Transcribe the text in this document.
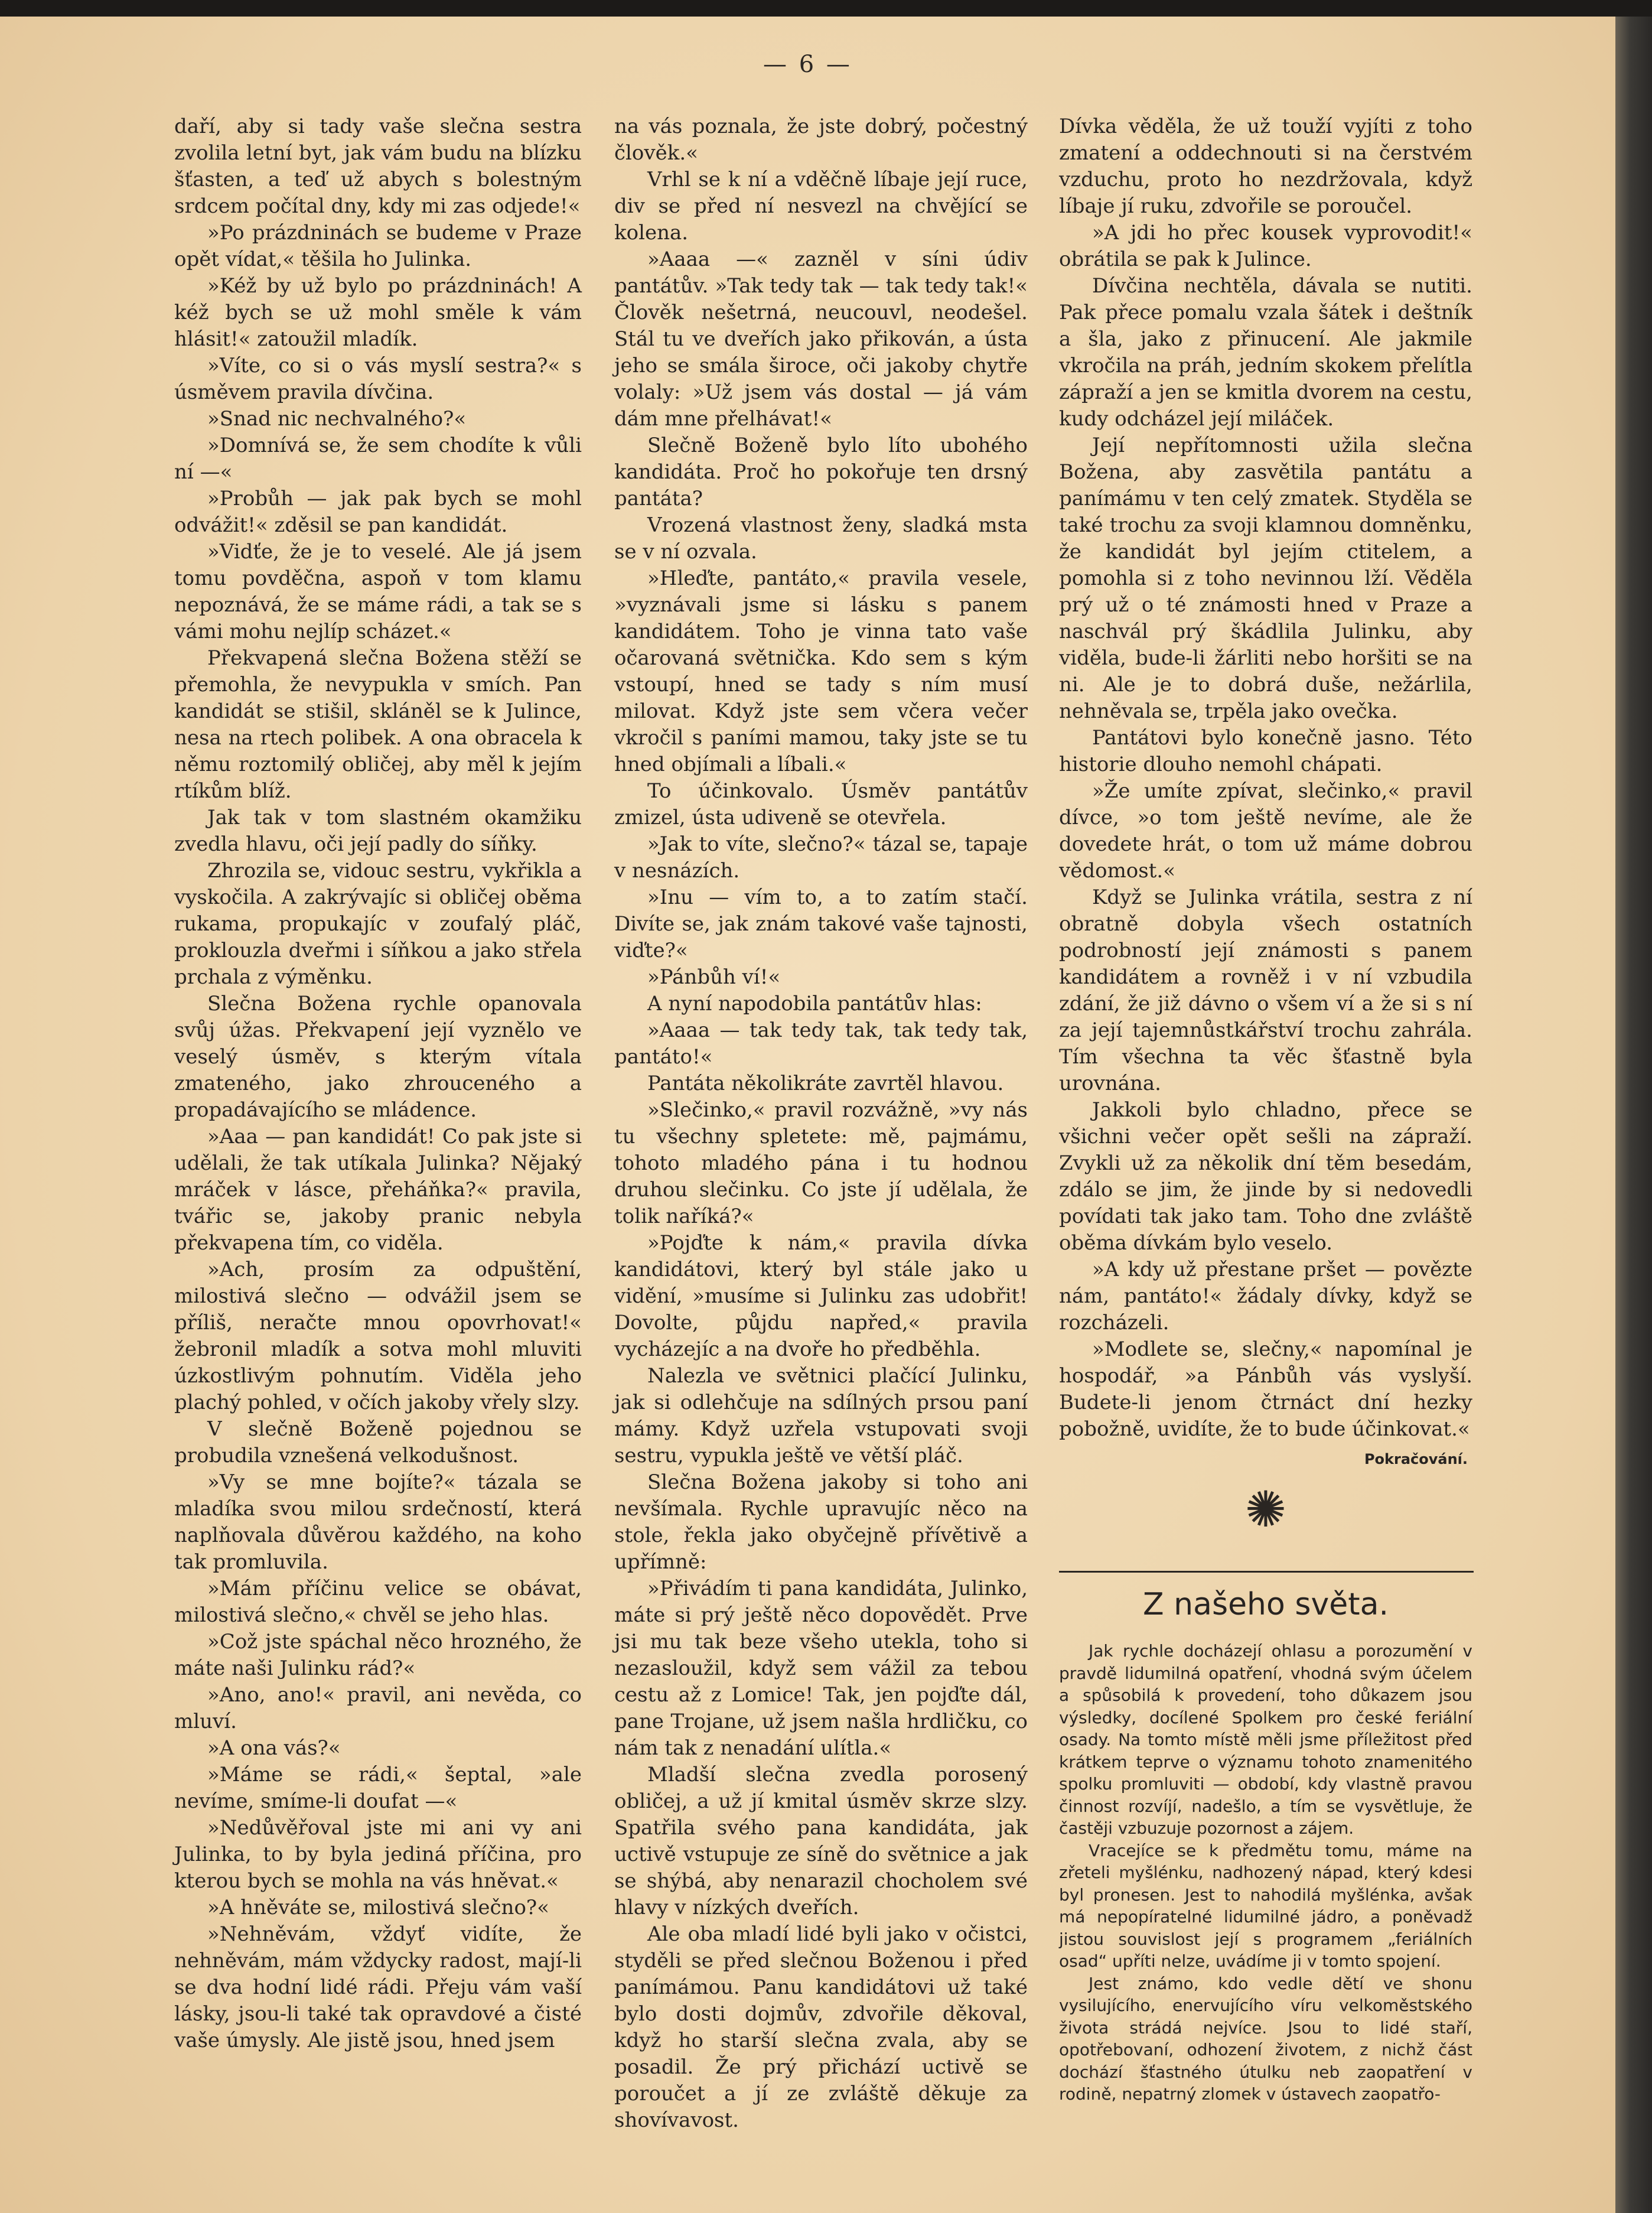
— 6 —

daří, aby si tady vaše slečna sestra zvolila letní byt, jak vám budu na blízku šťasten, a teď už abych s bolestným srdcem počítal dny, kdy mi zas odjede!«

»Po prázdninách se budeme v Praze opět vídat,« těšila ho Julinka.

»Kéž by už bylo po prázdninách! A kéž bych se už mohl směle k vám hlásit!« zatoužil mladík.

»Víte, co si o vás myslí sestra?« s úsměvem pravila dívčina.

»Snad nic nechvalného?«

»Domnívá se, že sem chodíte k vůli ní —«

»Probůh — jak pak bych se mohl odvážit!« zděsil se pan kandidát.

»Vidťe, že je to veselé. Ale já jsem tomu povděčna, aspoň v tom klamu nepoznává, že se máme rádi, a tak se s vámi mohu nejlíp scházet.«

Překvapená slečna Božena stěží se přemohla, že nevypukla v smích. Pan kandidát se stišil, skláněl se k Julince, nesa na rtech polibek. A ona obracela k němu roztomilý obličej, aby měl k jejím rtíkům blíž.

Jak tak v tom slastném okamžiku zvedla hlavu, oči její padly do síňky.

Zhrozila se, vidouc sestru, vykřikla a vyskočila. A zakrývajíc si obličej oběma rukama, propukajíc v zoufalý pláč, proklouzla dveřmi i síňkou a jako střela prchala z výměnku.

Slečna Božena rychle opanovala svůj úžas. Překvapení její vyznělo ve veselý úsměv, s kterým vítala zmateného, jako zhrouceného a propadávajícího se mládence.

»Aaa — pan kandidát! Co pak jste si udělali, že tak utíkala Julinka? Nějaký mráček v lásce, přeháňka?« pravila, tvářic se, jakoby pranic nebyla překvapena tím, co viděla.

»Ach, prosím za odpuštění, milostivá slečno — odvážil jsem se příliš, neračte mnou opovrhovat!« žebronil mladík a sotva mohl mluviti úzkostlivým pohnutím. Viděla jeho plachý pohled, v očích jakoby vřely slzy.

V slečně Boženě pojednou se probudila vznešená velkodušnost.

»Vy se mne bojíte?« tázala se mladíka svou milou srdečností, která naplňovala důvěrou každého, na koho tak promluvila.

»Mám příčinu velice se obávat, milostivá slečno,« chvěl se jeho hlas.

»Což jste spáchal něco hrozného, že máte naši Julinku rád?«

»Ano, ano!« pravil, ani nevěda, co mluví.

»A ona vás?«

»Máme se rádi,« šeptal, »ale nevíme, smíme-li doufat —«

»Nedůvěřoval jste mi ani vy ani Julinka, to by byla jediná příčina, pro kterou bych se mohla na vás hněvat.«

»A hněváte se, milostivá slečno?«

»Nehněvám, vždyť vidíte, že nehněvám, mám vždycky radost, mají-li se dva hodní lidé rádi. Přeju vám vaší lásky, jsou-li také tak opravdové a čisté vaše úmysly. Ale jistě jsou, hned jsem

na vás poznala, že jste dobrý, počestný člověk.«

Vrhl se k ní a vděčně líbaje její ruce, div se před ní nesvezl na chvějící se kolena.

»Aaaa —« zazněl v síni údiv pantátův. »Tak tedy tak — tak tedy tak!« Člověk nešetrná, neucouvl, neodešel. Stál tu ve dveřích jako přikován, a ústa jeho se smála široce, oči jakoby chytře volaly: »Už jsem vás dostal — já vám dám mne přelhávat!«

Slečně Boženě bylo líto ubohého kandidáta. Proč ho pokořuje ten drsný pantáta?

Vrozená vlastnost ženy, sladká msta se v ní ozvala.

»Hleďte, pantáto,« pravila vesele, »vyznávali jsme si lásku s panem kandidátem. Toho je vinna tato vaše očarovaná světnička. Kdo sem s kým vstoupí, hned se tady s ním musí milovat. Když jste sem včera večer vkročil s paními mamou, taky jste se tu hned objímali a líbali.«

To účinkovalo. Úsměv pantátův zmizel, ústa udiveně se otevřela.

»Jak to víte, slečno?« tázal se, tapaje v nesnázích.

»Inu — vím to, a to zatím stačí. Divíte se, jak znám takové vaše tajnosti, viďte?«

»Pánbůh ví!«

A nyní napodobila pantátův hlas:

»Aaaa — tak tedy tak, tak tedy tak, pantáto!«

Pantáta několikráte zavrtěl hlavou.

»Slečinko,« pravil rozvážně, »vy nás tu všechny spletete: mě, pajmámu, tohoto mladého pána i tu hodnou druhou slečinku. Co jste jí udělala, že tolik naříká?«

»Pojďte k nám,« pravila dívka kandidátovi, který byl stále jako u vidění, »musíme si Julinku zas udobřit! Dovolte, půjdu napřed,« pravila vycházejíc a na dvoře ho předběhla.

Nalezla ve světnici plačící Julinku, jak si odlehčuje na sdílných prsou paní mámy. Když uzřela vstupovati svoji sestru, vypukla ještě ve větší pláč.

Slečna Božena jakoby si toho ani nevšímala. Rychle upravujíc něco na stole, řekla jako obyčejně přívětivě a upřímně:

»Přivádím ti pana kandidáta, Julinko, máte si prý ještě něco dopovědět. Prve jsi mu tak beze všeho utekla, toho si nezasloužil, když sem vážil za tebou cestu až z Lomice! Tak, jen pojďte dál, pane Trojane, už jsem našla hrdličku, co nám tak z nenadání ulítla.«

Mladší slečna zvedla porosený obličej, a už jí kmital úsměv skrze slzy. Spatřila svého pana kandidáta, jak uctivě vstupuje ze síně do světnice a jak se shýbá, aby nenarazil chocholem své hlavy v nízkých dveřích.

Ale oba mladí lidé byli jako v očistci, styděli se před slečnou Boženou i před panímámou. Panu kandidátovi už také bylo dosti dojmův, zdvořile děkoval, když ho starší slečna zvala, aby se posadil. Že prý přichází uctivě se poroučet a jí ze zvláště děkuje za shovívavost.

Dívka věděla, že už touží vyjíti z toho zmatení a oddechnouti si na čerstvém vzduchu, proto ho nezdržovala, když líbaje jí ruku, zdvořile se poroučel.

»A jdi ho přec kousek vyprovodit!« obrátila se pak k Julince.

Dívčina nechtěla, dávala se nutiti. Pak přece pomalu vzala šátek i deštník a šla, jako z přinucení. Ale jakmile vkročila na práh, jedním skokem přelítla zápraží a jen se kmitla dvorem na cestu, kudy odcházel její miláček.

Její nepřítomnosti užila slečna Božena, aby zasvětila pantátu a panímámu v ten celý zmatek. Styděla se také trochu za svoji klamnou domněnku, že kandidát byl jejím ctitelem, a pomohla si z toho nevinnou lží. Věděla prý už o té známosti hned v Praze a naschvál prý škádlila Julinku, aby viděla, bude-li žárliti nebo horšiti se na ni. Ale je to dobrá duše, nežárlila, nehněvala se, trpěla jako ovečka.

Pantátovi bylo konečně jasno. Této historie dlouho nemohl chápati.

»Že umíte zpívat, slečinko,« pravil dívce, »o tom ještě nevíme, ale že dovedete hrát, o tom už máme dobrou vědomost.«

Když se Julinka vrátila, sestra z ní obratně dobyla všech ostatních podrobností její známosti s panem kandidátem a rovněž i v ní vzbudila zdání, že již dávno o všem ví a že si s ní za její tajemnůstkářství trochu zahrála. Tím všechna ta věc šťastně byla urovnána.

Jakkoli bylo chladno, přece se všichni večer opět sešli na zápraží. Zvykli už za několik dní těm besedám, zdálo se jim, že jinde by si nedovedli povídati tak jako tam. Toho dne zvláště oběma dívkám bylo veselo.

»A kdy už přestane pršet — povězte nám, pantáto!« žádaly dívky, když se rozcházeli.

»Modlete se, slečny,« napomínal je hospodář, »a Pánbůh vás vyslyší. Budete-li jenom čtrnáct dní hezky pobožně, uvidíte, že to bude účinkovat.«

Pokračování.
✺
Z našeho světa.

Jak rychle docházejí ohlasu a porozumění v pravdě lidumilná opatření, vhodná svým účelem a spůsobilá k provedení, toho důkazem jsou výsledky, docílené Spolkem pro české feriální osady. Na tomto místě měli jsme příležitost před krátkem teprve o významu tohoto znamenitého spolku promluviti — období, kdy vlastně pravou činnost rozvíjí, nadešlo, a tím se vysvětluje, že častěji vzbuzuje pozornost a zájem.

Vracejíce se k předmětu tomu, máme na zřeteli myšlénku, nadhozený nápad, který kdesi byl pronesen. Jest to nahodilá myšlénka, avšak má nepopíratelné lidumilné jádro, a poněvadž jistou souvislost její s programem „feriálních osad“ upříti nelze, uvádíme ji v tomto spojení.

Jest známo, kdo vedle dětí ve shonu vysilujícího, enervujícího víru velkoměstského života strádá nejvíce. Jsou to lidé staří, opotřebovaní, odhození životem, z nichž část dochází šťastného útulku neb zaopatření v rodině, nepatrný zlomek v ústavech zaopatřo-
